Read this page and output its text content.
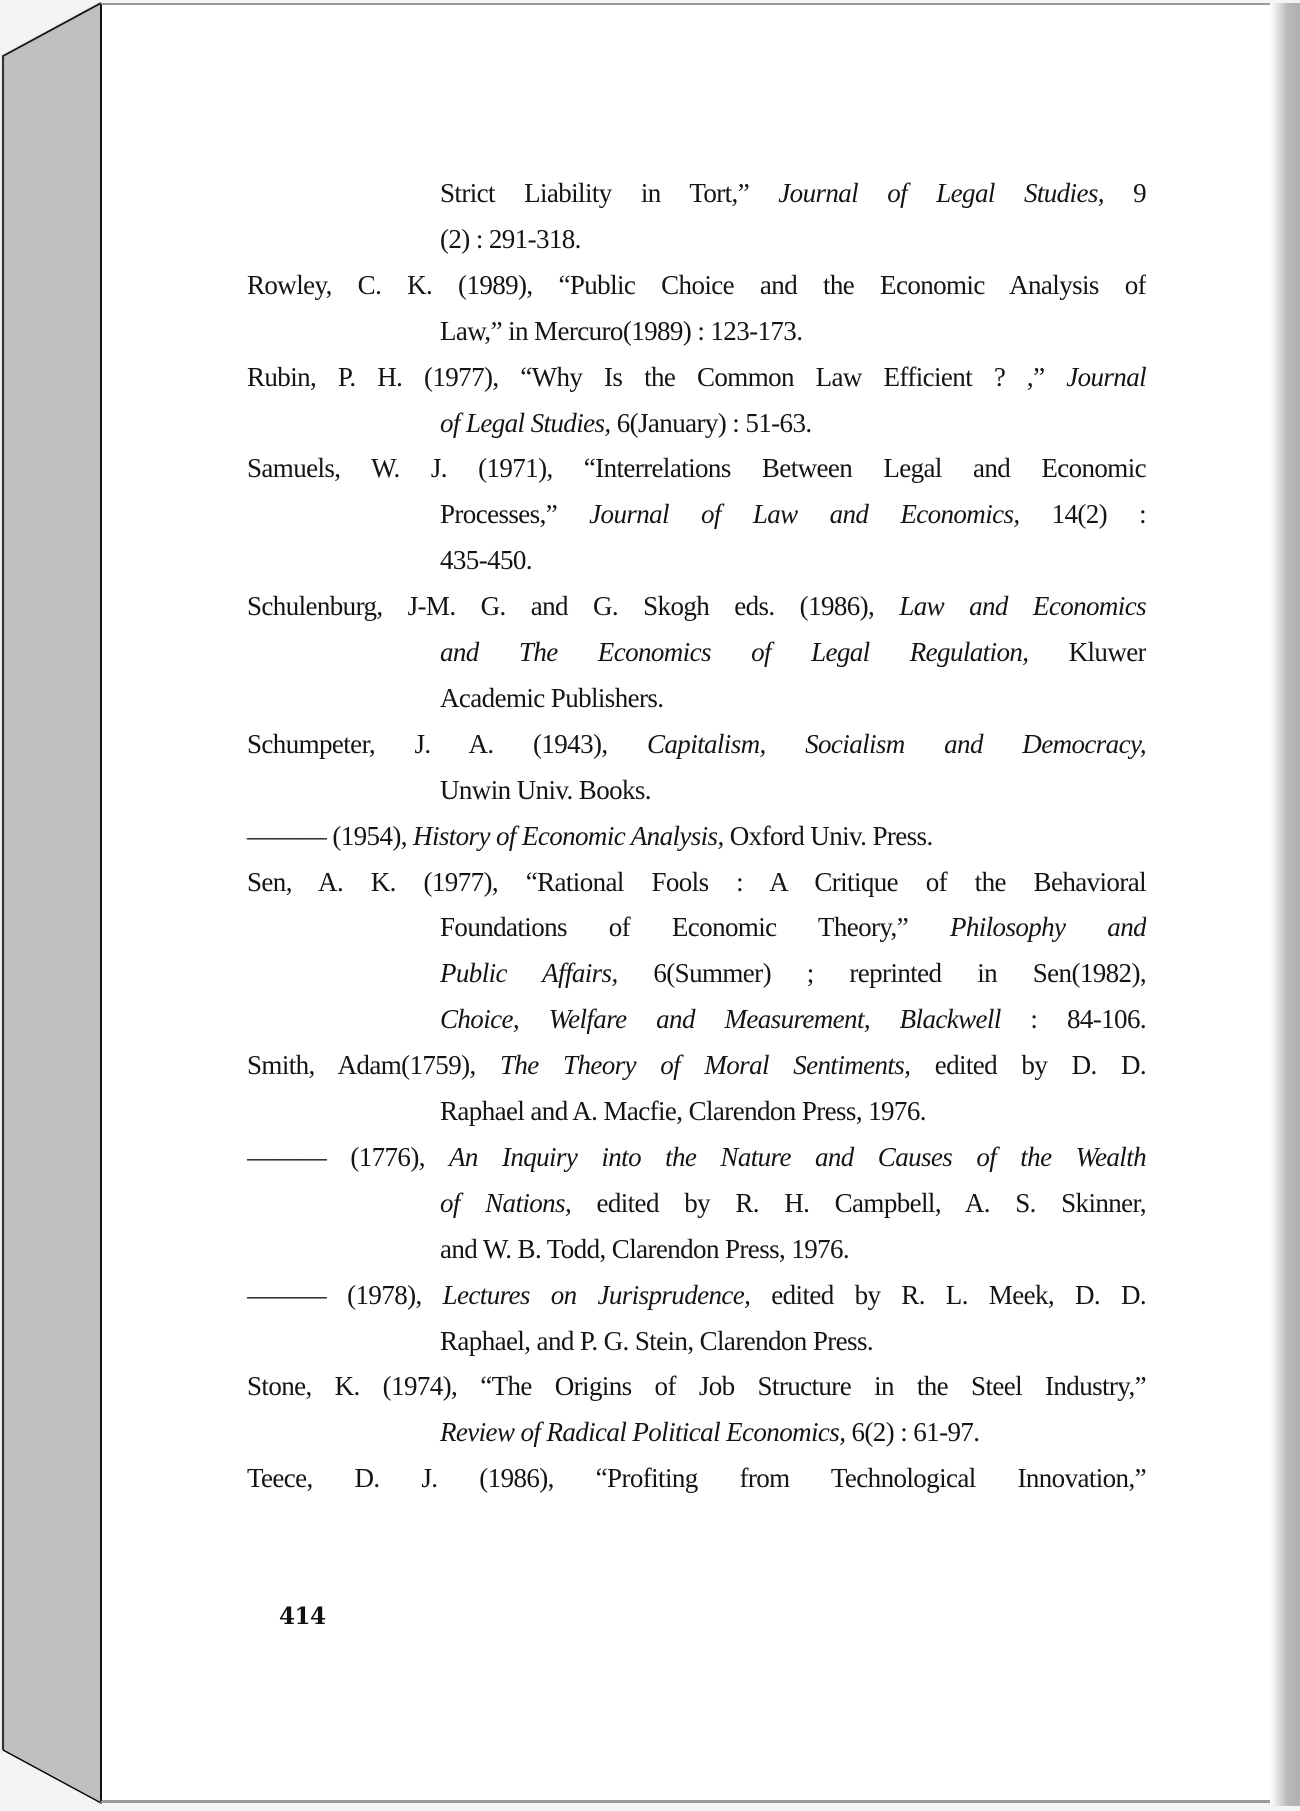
Strict Liability in Tort,” Journal of Legal Studies, 9
(2) : 291-318.
Rowley, C. K. (1989), “Public Choice and the Economic Analysis of
Law,” in Mercuro(1989) : 123-173.
Rubin, P. H. (1977), “Why Is the Common Law Efficient ? ,” Journal
of Legal Studies, 6(January) : 51-63.
Samuels, W. J. (1971), “Interrelations Between Legal and Economic
Processes,” Journal of Law and Economics, 14(2) :
435-450.
Schulenburg, J-M. G. and G. Skogh eds. (1986), Law and Economics
and The Economics of Legal Regulation, Kluwer
Academic Publishers.
Schumpeter, J. A. (1943), Capitalism, Socialism and Democracy,
Unwin Univ. Books.
——— (1954), History of Economic Analysis, Oxford Univ. Press.
Sen, A. K. (1977), “Rational Fools : A Critique of the Behavioral
Foundations of Economic Theory,” Philosophy and
Public Affairs, 6(Summer) ; reprinted in Sen(1982),
Choice, Welfare and Measurement, Blackwell : 84-106.
Smith, Adam(1759), The Theory of Moral Sentiments, edited by D. D.
Raphael and A. Macfie, Clarendon Press, 1976.
——— (1776), An Inquiry into the Nature and Causes of the Wealth
of Nations, edited by R. H. Campbell, A. S. Skinner,
and W. B. Todd, Clarendon Press, 1976.
——— (1978), Lectures on Jurisprudence, edited by R. L. Meek, D. D.
Raphael, and P. G. Stein, Clarendon Press.
Stone, K. (1974), “The Origins of Job Structure in the Steel Industry,”
Review of Radical Political Economics, 6(2) : 61-97.
Teece, D. J. (1986), “Profiting from Technological Innovation,”
414
